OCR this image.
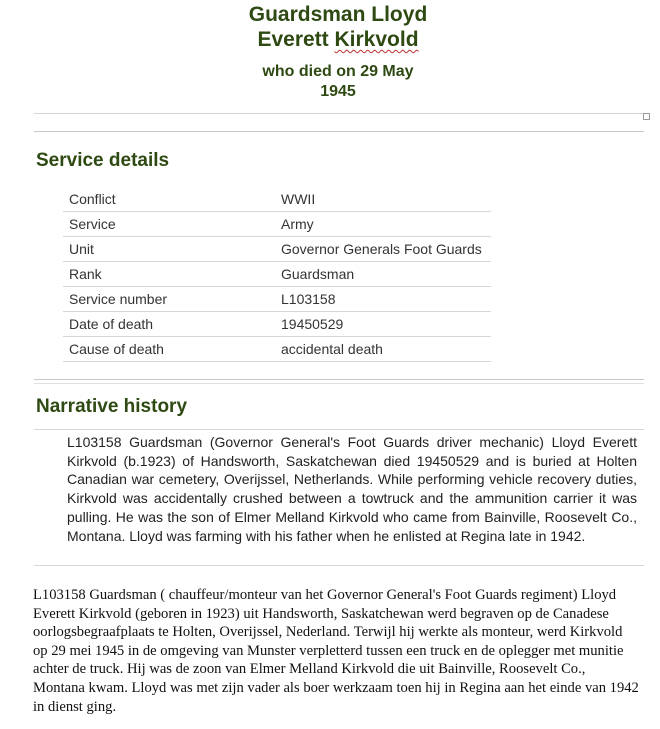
Guardsman Lloyd
Everett Kirkvold
who died on 29 May
1945
Service details
Conflict	WWII
Service	Army
Unit	Governor Generals Foot Guards
Rank	Guardsman
Service number	L103158
Date of death	19450529
Cause of death	accidental death
Narrative history

L103158 Guardsman (Governor General's Foot Guards driver mechanic) Lloyd Everett Kirkvold (b.1923) of Handsworth, Saskatchewan died 19450529 and is buried at Holten Canadian war cemetery, Overijssel, Netherlands. While performing vehicle recovery duties, Kirkvold was accidentally crushed between a towtruck and the ammunition carrier it was pulling. He was the son of Elmer Melland Kirkvold who came from Bainville, Roosevelt Co., Montana. Lloyd was farming with his father when he enlisted at Regina late in 1942.

L103158 Guardsman ( chauffeur/monteur van het Governor General's Foot Guards regiment) Lloyd Everett Kirkvold (geboren in 1923) uit Handsworth, Saskatchewan werd begraven op de Canadese oorlogsbegraafplaats te Holten, Overijssel, Nederland. Terwijl hij werkte als monteur, werd Kirkvold op 29 mei 1945 in de omgeving van Munster verpletterd tussen een truck en de oplegger met munitie achter de truck. Hij was de zoon van Elmer Melland Kirkvold die uit Bainville, Roosevelt Co., Montana kwam. Lloyd was met zijn vader als boer werkzaam toen hij in Regina aan het einde van 1942 in dienst ging.
